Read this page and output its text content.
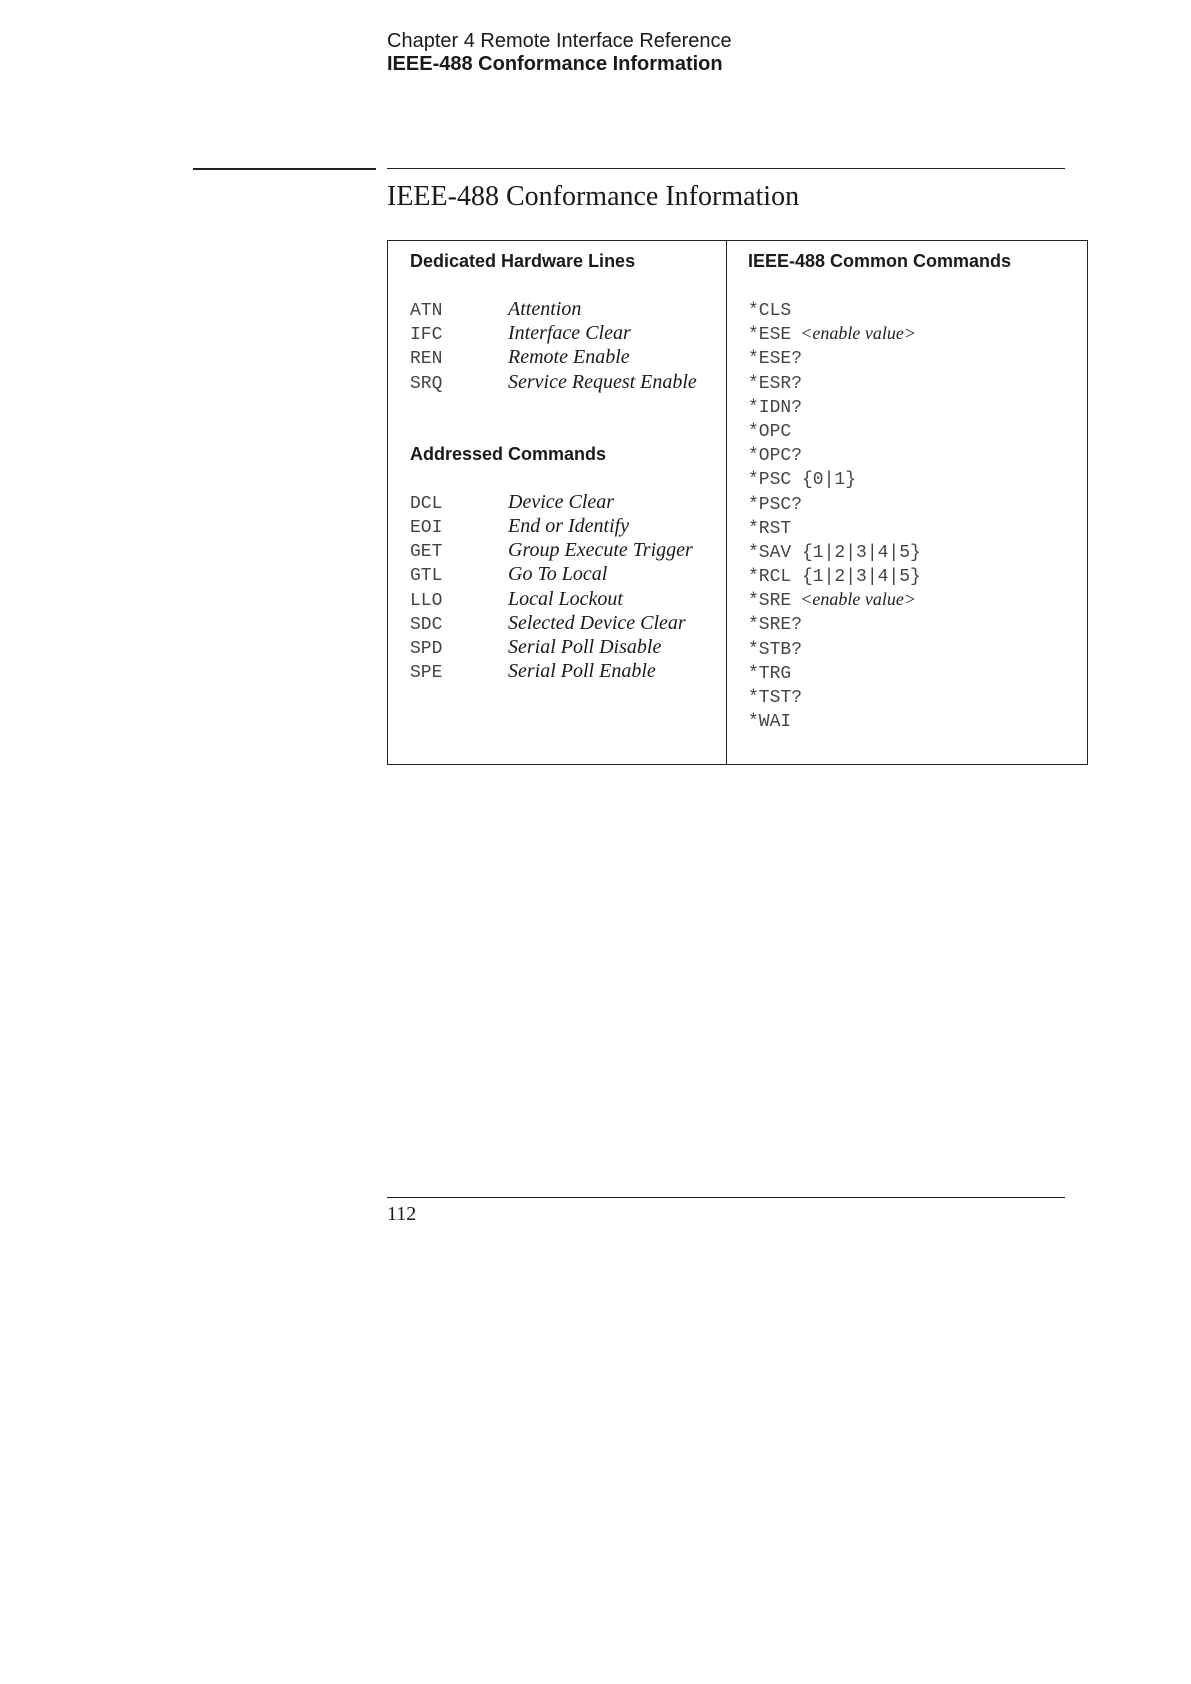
Chapter 4 Remote Interface Reference
IEEE-488 Conformance Information
IEEE-488 Conformance Information
Dedicated Hardware Lines
ATN	Attention
IFC	Interface Clear
REN	Remote Enable
SRQ	Service Request Enable
Addressed Commands
DCL	Device Clear
EOI	End or Identify
GET	Group Execute Trigger
GTL	Go To Local
LLO	Local Lockout
SDC	Selected Device Clear
SPD	Serial Poll Disable
SPE	Serial Poll Enable
IEEE-488 Common Commands
*CLS
*ESE <enable value>
*ESE?
*ESR?
*IDN?
*OPC
*OPC?
*PSC {0|1}
*PSC?
*RST
*SAV {1|2|3|4|5}
*RCL {1|2|3|4|5}
*SRE <enable value>
*SRE?
*STB?
*TRG
*TST?
*WAI
112
